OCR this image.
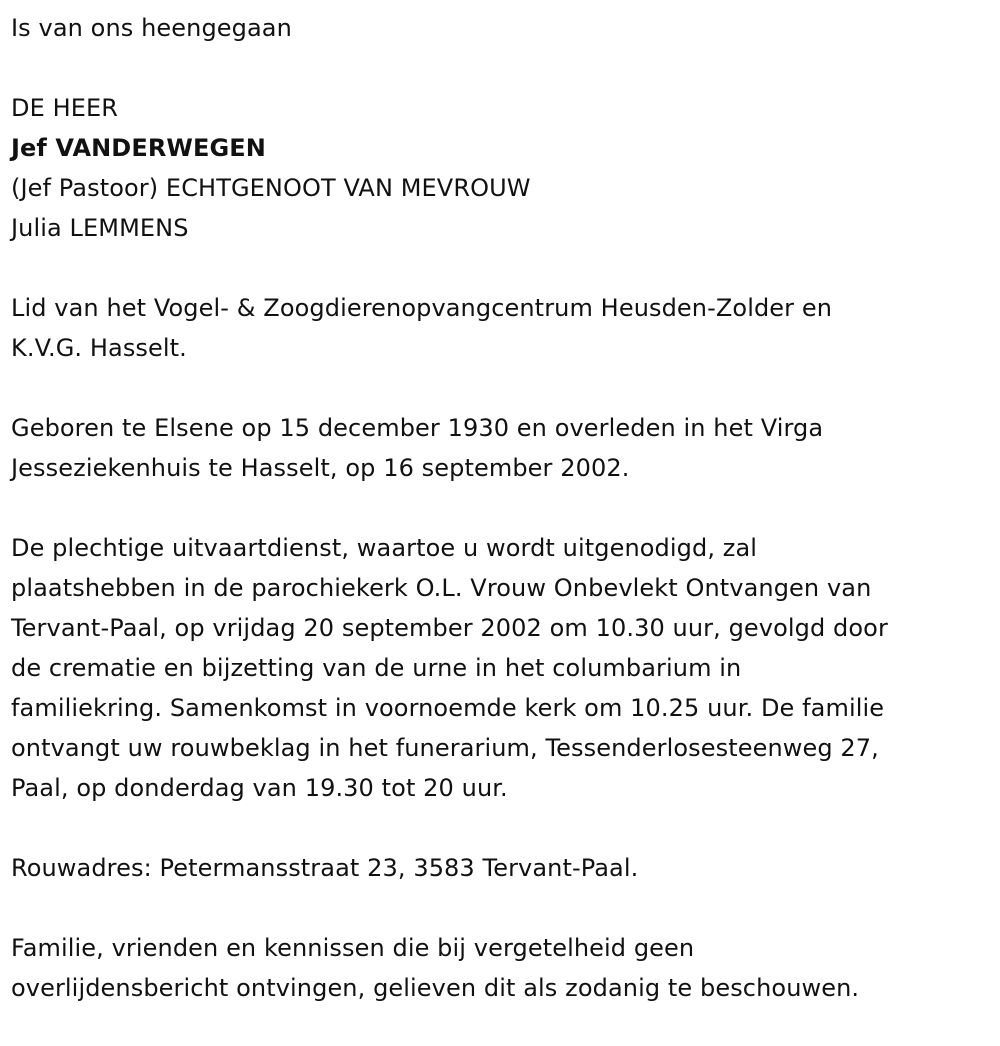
Is van ons heengegaan

DE HEER

Jef VANDERWEGEN

(Jef Pastoor) ECHTGENOOT VAN MEVROUW

Julia LEMMENS

Lid van het Vogel- & Zoogdierenopvangcentrum Heusden-Zolder en

K.V.G. Hasselt.

Geboren te Elsene op 15 december 1930 en overleden in het Virga

Jesseziekenhuis te Hasselt, op 16 september 2002.

De plechtige uitvaartdienst, waartoe u wordt uitgenodigd, zal

plaatshebben in de parochiekerk O.L. Vrouw Onbevlekt Ontvangen van

Tervant-Paal, op vrijdag 20 september 2002 om 10.30 uur, gevolgd door

de crematie en bijzetting van de urne in het columbarium in

familiekring. Samenkomst in voornoemde kerk om 10.25 uur. De familie

ontvangt uw rouwbeklag in het funerarium, Tessenderlosesteenweg 27,

Paal, op donderdag van 19.30 tot 20 uur.

Rouwadres: Petermansstraat 23, 3583 Tervant-Paal.

Familie, vrienden en kennissen die bij vergetelheid geen

overlijdensbericht ontvingen, gelieven dit als zodanig te beschouwen.
